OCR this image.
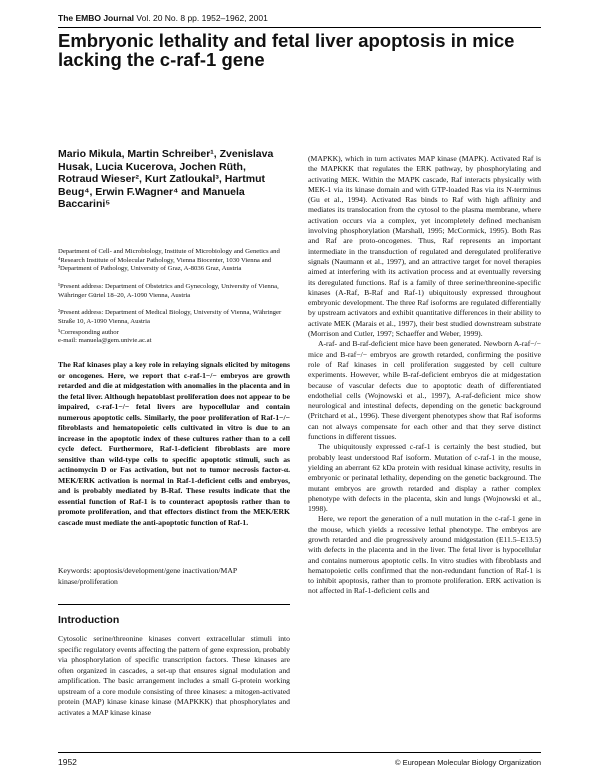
The EMBO Journal Vol. 20 No. 8 pp. 1952–1962, 2001
Embryonic lethality and fetal liver apoptosis in mice lacking the c-raf-1 gene
Mario Mikula, Martin Schreiber¹, Zvenislava Husak, Lucia Kucerova, Jochen Rüth, Rotraud Wieser², Kurt Zatloukal³, Hartmut Beug⁴, Erwin F.Wagner⁴ and Manuela Baccarini⁵
Department of Cell- and Microbiology, Institute of Microbiology and Genetics and ⁴Research Institute of Molecular Pathology, Vienna Biocenter, 1030 Vienna and ³Department of Pathology, University of Graz, A-8036 Graz, Austria
¹Present address: Department of Obstetrics and Gynecology, University of Vienna, Währinger Gürtel 18–20, A-1090 Vienna, Austria
²Present address: Department of Medical Biology, University of Vienna, Währinger Straße 10, A-1090 Vienna, Austria
⁵Corresponding author
e-mail: manuela@gem.univie.ac.at

The Raf kinases play a key role in relaying signals elicited by mitogens or oncogenes. Here, we report that c-raf-1−/− embryos are growth retarded and die at midgestation with anomalies in the placenta and in the fetal liver. Although hepatoblast proliferation does not appear to be impaired, c-raf-1−/− fetal livers are hypocellular and contain numerous apoptotic cells. Similarly, the poor proliferation of Raf-1−/− fibroblasts and hematopoietic cells cultivated in vitro is due to an increase in the apoptotic index of these cultures rather than to a cell cycle defect. Furthermore, Raf-1-deficient fibroblasts are more sensitive than wild-type cells to specific apoptotic stimuli, such as actinomycin D or Fas activation, but not to tumor necrosis factor-α. MEK/ERK activation is normal in Raf-1-deficient cells and embryos, and is probably mediated by B-Raf. These results indicate that the essential function of Raf-1 is to counteract apoptosis rather than to promote proliferation, and that effectors distinct from the MEK/ERK cascade must mediate the anti-apoptotic function of Raf-1.

Keywords: apoptosis/development/gene inactivation/MAP kinase/proliferation

Introduction

Cytosolic serine/threonine kinases convert extracellular stimuli into specific regulatory events affecting the pattern of gene expression, probably via phosphorylation of specific transcription factors. These kinases are often organized in cascades, a set-up that ensures signal modulation and amplification. The basic arrangement includes a small G-protein working upstream of a core module consisting of three kinases: a mitogen-activated protein (MAP) kinase kinase kinase (MAPKKK) that phosphorylates and activates a MAP kinase kinase

(MAPKK), which in turn activates MAP kinase (MAPK). Activated Raf is the MAPKKK that regulates the ERK pathway, by phosphorylating and activating MEK. Within the MAPK cascade, Raf interacts physically with MEK-1 via its kinase domain and with GTP-loaded Ras via its N-terminus (Gu et al., 1994). Activated Ras binds to Raf with high affinity and mediates its translocation from the cytosol to the plasma membrane, where activation occurs via a complex, yet incompletely defined mechanism involving phosphorylation (Marshall, 1995; McCormick, 1995). Both Ras and Raf are proto-oncogenes. Thus, Raf represents an important intermediate in the transduction of regulated and deregulated proliferative signals (Naumann et al., 1997), and an attractive target for novel therapies aimed at interfering with its activation process and at eventually reversing its deregulated functions. Raf is a family of three serine/threonine-specific kinases (A-Raf, B-Raf and Raf-1) ubiquitously expressed throughout embryonic development. The three Raf isoforms are regulated differentially by upstream activators and exhibit quantitative differences in their ability to activate MEK (Marais et al., 1997), their best studied downstream substrate (Morrison and Cutler, 1997; Schaeffer and Weber, 1999).

A-raf- and B-raf-deficient mice have been generated. Newborn A-raf−/− mice and B-raf−/− embryos are growth retarded, confirming the positive role of Raf kinases in cell proliferation suggested by cell culture experiments. However, while B-raf-deficient embryos die at midgestation because of vascular defects due to apoptotic death of differentiated endothelial cells (Wojnowski et al., 1997), A-raf-deficient mice show neurological and intestinal defects, depending on the genetic background (Pritchard et al., 1996). These divergent phenotypes show that Raf isoforms can not always compensate for each other and that they serve distinct functions in different tissues.

The ubiquitously expressed c-raf-1 is certainly the best studied, but probably least understood Raf isoform. Mutation of c-raf-1 in the mouse, yielding an aberrant 62 kDa protein with residual kinase activity, results in embryonic or perinatal lethality, depending on the genetic background. The mutant embryos are growth retarded and display a rather complex phenotype with defects in the placenta, skin and lungs (Wojnowski et al., 1998).

Here, we report the generation of a null mutation in the c-raf-1 gene in the mouse, which yields a recessive lethal phenotype. The embryos are growth retarded and die progressively around midgestation (E11.5–E13.5) with defects in the placenta and in the liver. The fetal liver is hypocellular and contains numerous apoptotic cells. In vitro studies with fibroblasts and hematopoietic cells confirmed that the non-redundant function of Raf-1 is to inhibit apoptosis, rather than to promote proliferation. ERK activation is not affected in Raf-1-deficient cells and

1952	© European Molecular Biology Organization
